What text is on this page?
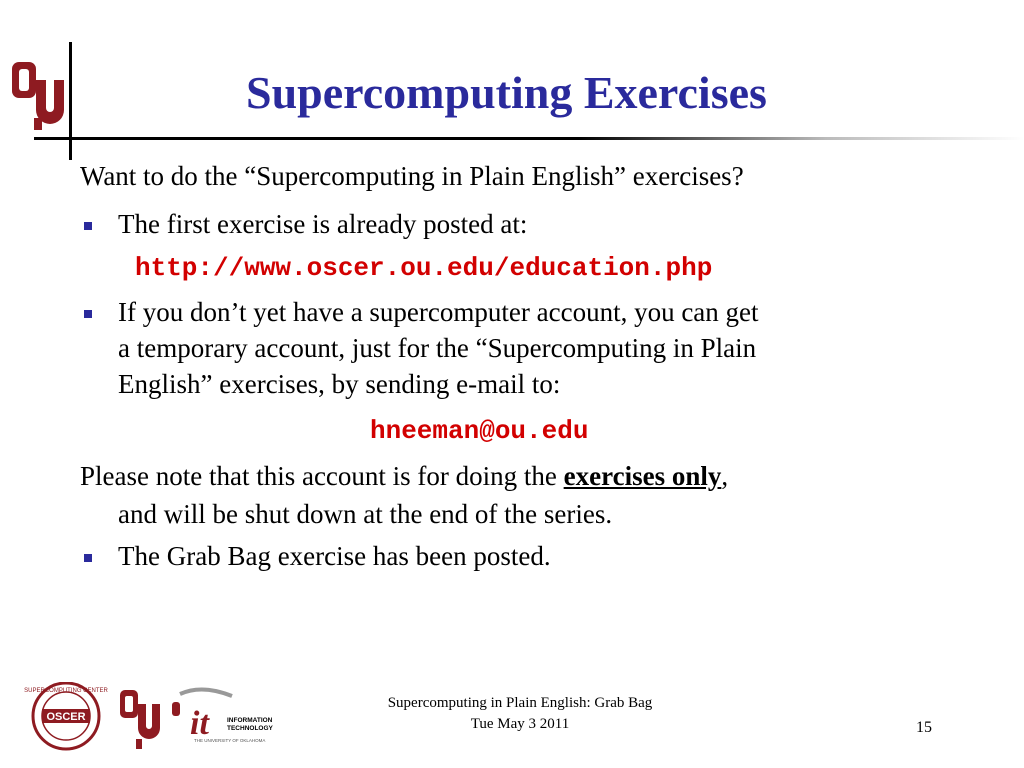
Supercomputing Exercises
Want to do the “Supercomputing in Plain English” exercises?
The first exercise is already posted at:
http://www.oscer.ou.edu/education.php
If you don’t yet have a supercomputer account, you can get
a temporary account, just for the “Supercomputing in Plain
English” exercises, by sending e-mail to:
hneeman@ou.edu
Please note that this account is for doing the exercises only,
and will be shut down at the end of the series.
The Grab Bag exercise has been posted.
SUPERCOMPUTING CENTER
OSCER	it	INFORMATION
TECHNOLOGY
THE UNIVERSITY OF OKLAHOMA
Supercomputing in Plain English: Grab Bag
Tue May 3 2011	15
